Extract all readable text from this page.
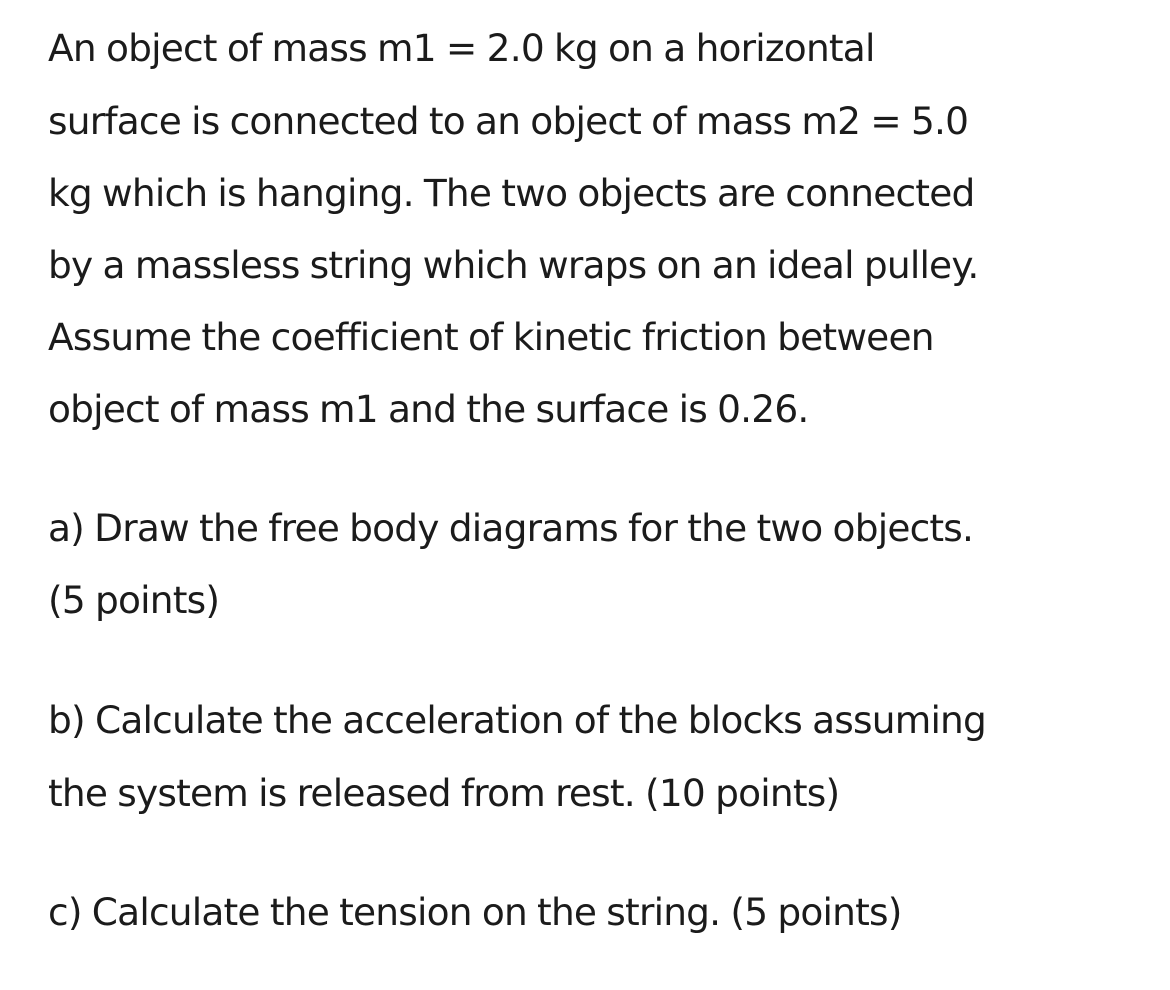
An object of mass m1 = 2.0 kg on a horizontal
surface is connected to an object of mass m2 = 5.0
kg which is hanging. The two objects are connected
by a massless string which wraps on an ideal pulley.
Assume the coefficient of kinetic friction between
object of mass m1 and the surface is 0.26.
a) Draw the free body diagrams for the two objects.
(5 points)
b) Calculate the acceleration of the blocks assuming
the system is released from rest. (10 points)
c) Calculate the tension on the string. (5 points)
